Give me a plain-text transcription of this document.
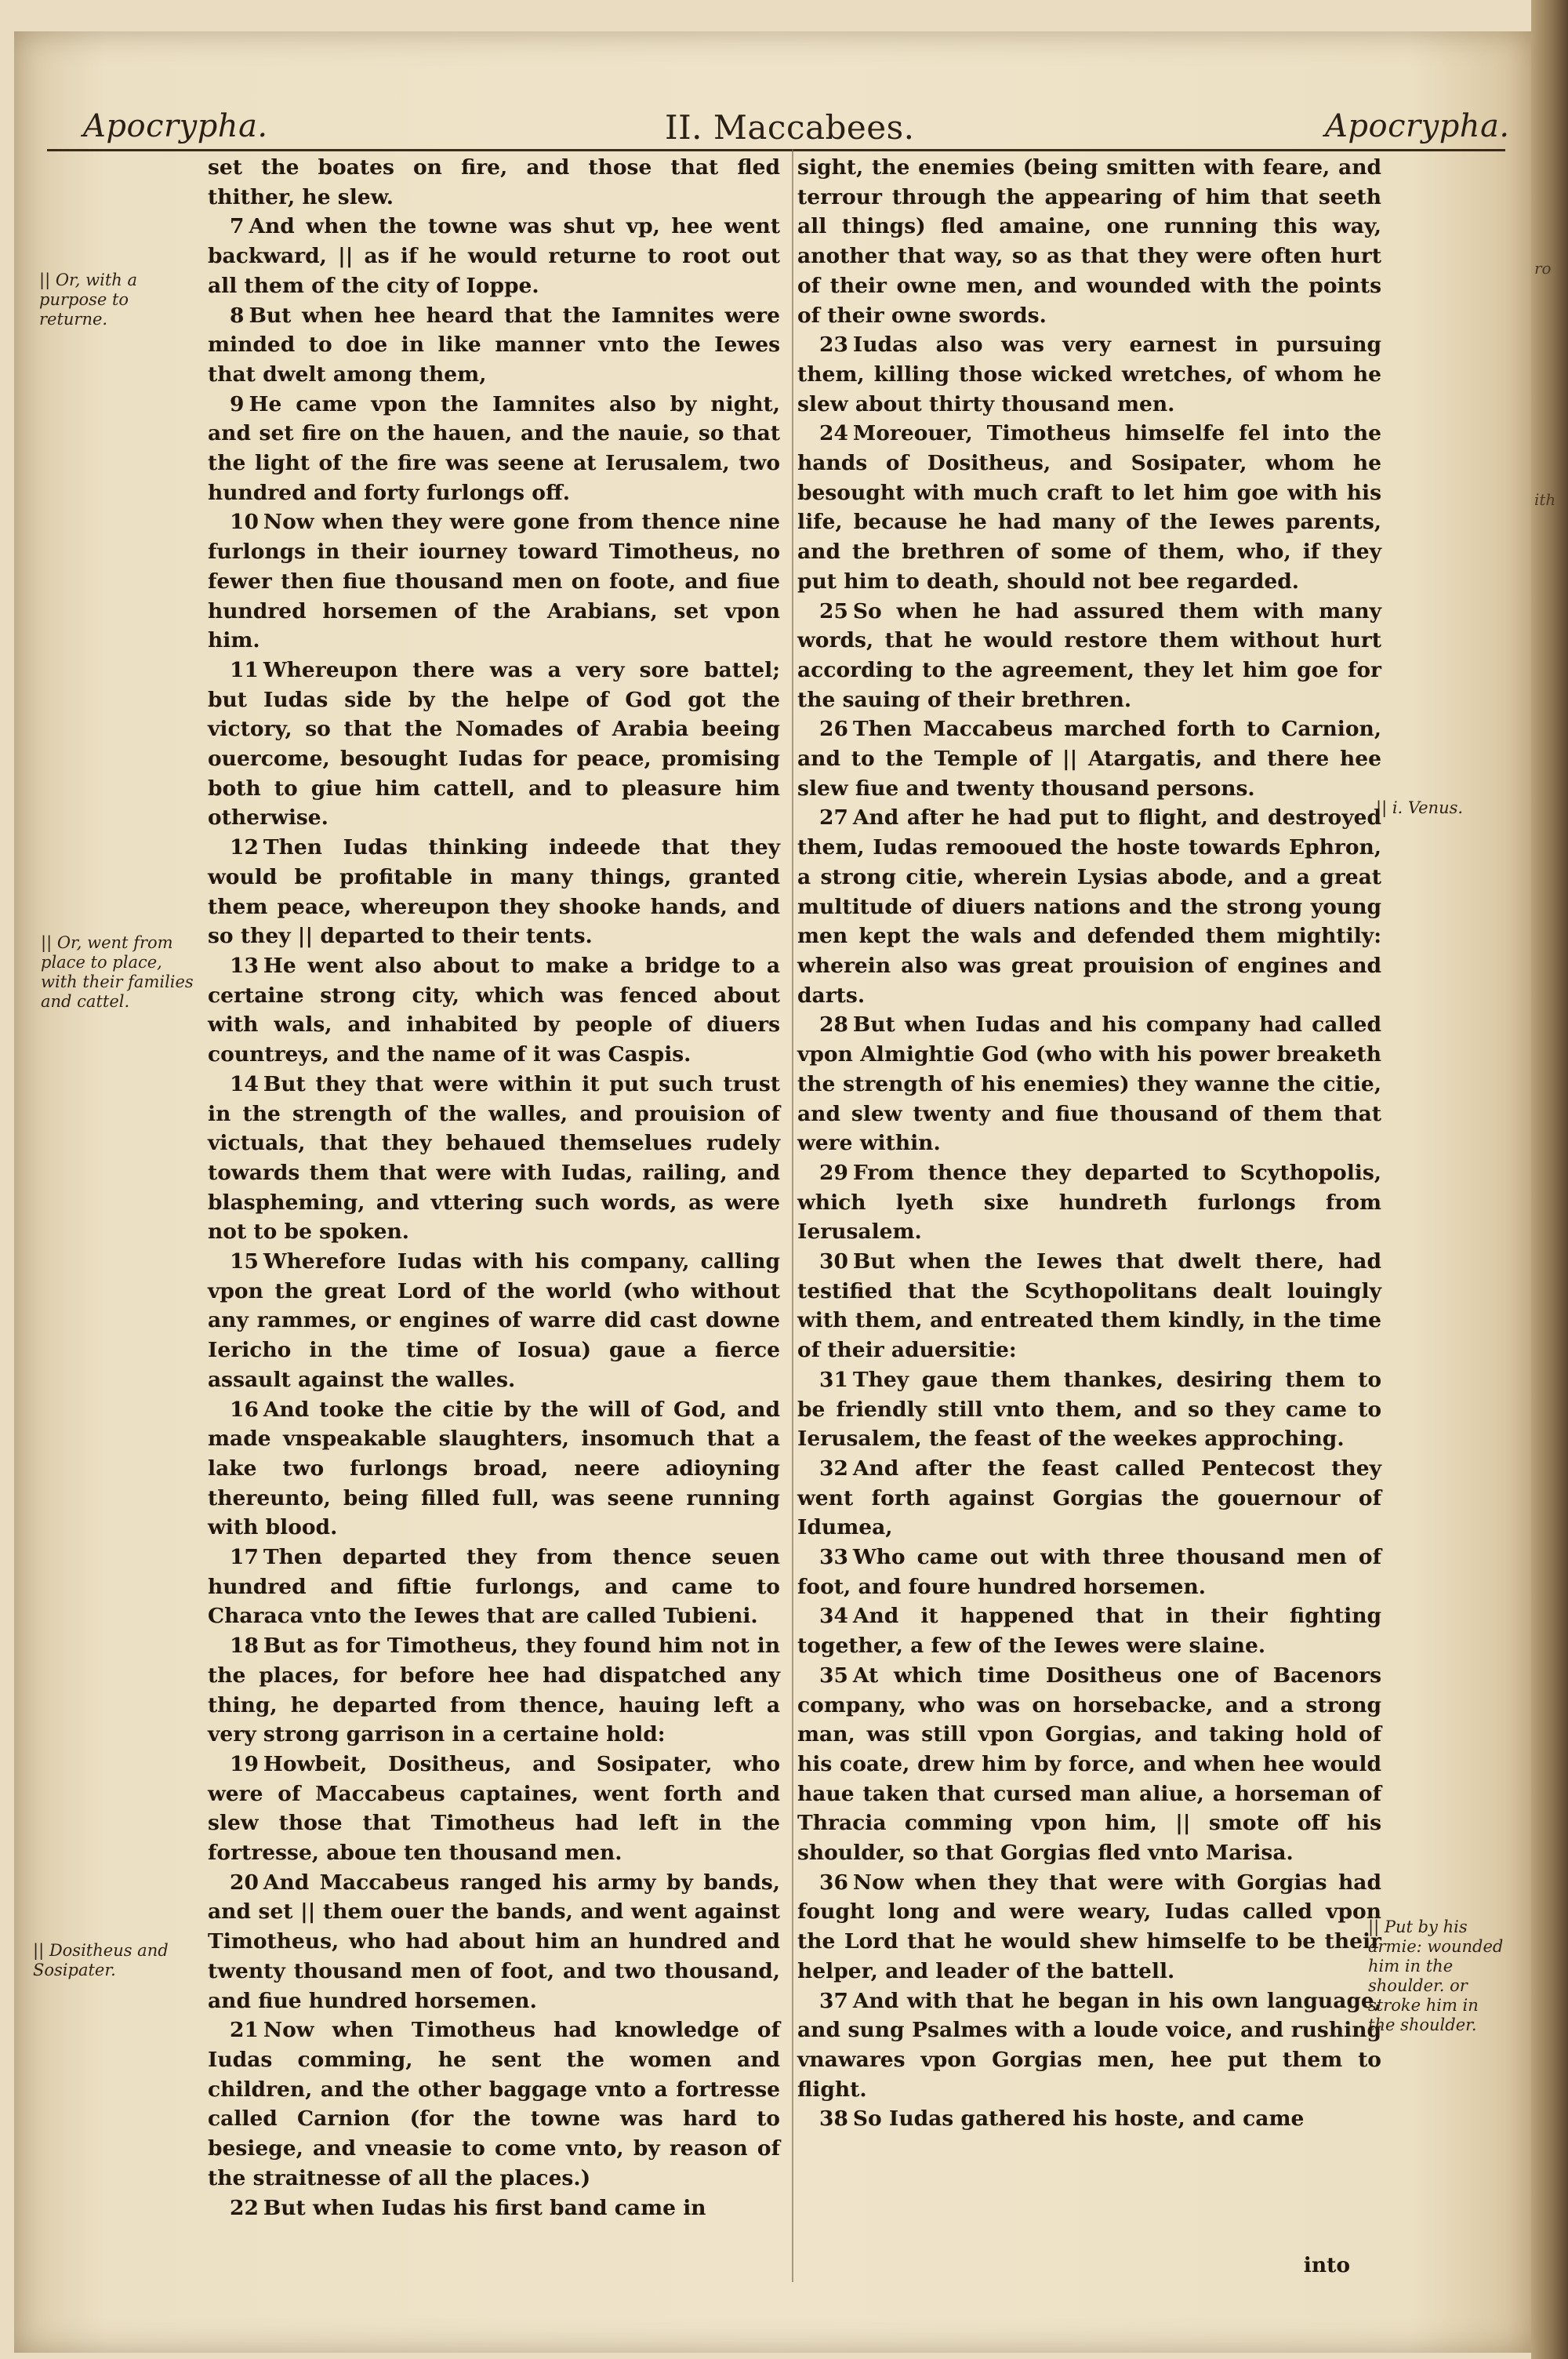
Apocrypha.	II. Maccabees.	Apocrypha.
ro
ith
|| Or, with a purpose to returne.
|| Or, went from place to place, with their families and cattel.
|| Dositheus and Sosipater.
|| i. Venus.
|| Put by his armie: wounded him in the shoulder. or stroke him in the shoulder.

set the boates on fire, and those that fled thither, he slew.

7 And when the towne was shut vp, hee went backward, || as if he would returne to root out all them of the city of Ioppe.

8 But when hee heard that the Iamnites were minded to doe in like manner vnto the Iewes that dwelt among them,

9 He came vpon the Iamnites also by night, and set fire on the hauen, and the nauie, so that the light of the fire was seene at Ierusalem, two hundred and forty furlongs off.

10 Now when they were gone from thence nine furlongs in their iourney toward Timotheus, no fewer then fiue thousand men on foote, and fiue hundred horsemen of the Arabians, set vpon him.

11 Whereupon there was a very sore battel; but Iudas side by the helpe of God got the victory, so that the Nomades of Arabia beeing ouercome, besought Iudas for peace, promising both to giue him cattell, and to pleasure him otherwise.

12 Then Iudas thinking indeede that they would be profitable in many things, granted them peace, whereupon they shooke hands, and so they || departed to their tents.

13 He went also about to make a bridge to a certaine strong city, which was fenced about with wals, and inhabited by people of diuers countreys, and the name of it was Caspis.

14 But they that were within it put such trust in the strength of the walles, and prouision of victuals, that they behaued themselues rudely towards them that were with Iudas, railing, and blaspheming, and vttering such words, as were not to be spoken.

15 Wherefore Iudas with his company, calling vpon the great Lord of the world (who without any rammes, or engines of warre did cast downe Iericho in the time of Iosua) gaue a fierce assault against the walles.

16 And tooke the citie by the will of God, and made vnspeakable slaughters, insomuch that a lake two furlongs broad, neere adioyning thereunto, being filled full, was seene running with blood.

17 Then departed they from thence seuen hundred and fiftie furlongs, and came to Characa vnto the Iewes that are called Tubieni.

18 But as for Timotheus, they found him not in the places, for before hee had dispatched any thing, he departed from thence, hauing left a very strong garrison in a certaine hold:

19 Howbeit, Dositheus, and Sosipater, who were of Maccabeus captaines, went forth and slew those that Timotheus had left in the fortresse, aboue ten thousand men.

20 And Maccabeus ranged his army by bands, and set || them ouer the bands, and went against Timotheus, who had about him an hundred and twenty thousand men of foot, and two thousand, and fiue hundred horsemen.

21 Now when Timotheus had knowledge of Iudas comming, he sent the women and children, and the other baggage vnto a fortresse called Carnion (for the towne was hard to besiege, and vneasie to come vnto, by reason of the straitnesse of all the places.)

22 But when Iudas his first band came in

sight, the enemies (being smitten with feare, and terrour through the appearing of him that seeth all things) fled amaine, one running this way, another that way, so as that they were often hurt of their owne men, and wounded with the points of their owne swords.

23 Iudas also was very earnest in pursuing them, killing those wicked wretches, of whom he slew about thirty thousand men.

24 Moreouer, Timotheus himselfe fel into the hands of Dositheus, and Sosipater, whom he besought with much craft to let him goe with his life, because he had many of the Iewes parents, and the brethren of some of them, who, if they put him to death, should not bee regarded.

25 So when he had assured them with many words, that he would restore them without hurt according to the agreement, they let him goe for the sauing of their brethren.

26 Then Maccabeus marched forth to Carnion, and to the Temple of || Atargatis, and there hee slew fiue and twenty thousand persons.

27 And after he had put to flight, and destroyed them, Iudas remooued the hoste towards Ephron, a strong citie, wherein Lysias abode, and a great multitude of diuers nations and the strong young men kept the wals and defended them mightily: wherein also was great prouision of engines and darts.

28 But when Iudas and his company had called vpon Almightie God (who with his power breaketh the strength of his enemies) they wanne the citie, and slew twenty and fiue thousand of them that were within.

29 From thence they departed to Scythopolis, which lyeth sixe hundreth furlongs from Ierusalem.

30 But when the Iewes that dwelt there, had testified that the Scythopolitans dealt louingly with them, and entreated them kindly, in the time of their aduersitie:

31 They gaue them thankes, desiring them to be friendly still vnto them, and so they came to Ierusalem, the feast of the weekes approching.

32 And after the feast called Pentecost they went forth against Gorgias the gouernour of Idumea,

33 Who came out with three thousand men of foot, and foure hundred horsemen.

34 And it happened that in their fighting together, a few of the Iewes were slaine.

35 At which time Dositheus one of Bacenors company, who was on horsebacke, and a strong man, was still vpon Gorgias, and taking hold of his coate, drew him by force, and when hee would haue taken that cursed man aliue, a horseman of Thracia comming vpon him, || smote off his shoulder, so that Gorgias fled vnto Marisa.

36 Now when they that were with Gorgias had fought long and were weary, Iudas called vpon the Lord that he would shew himselfe to be their helper, and leader of the battell.

37 And with that he began in his own language, and sung Psalmes with a loude voice, and rushing vnawares vpon Gorgias men, hee put them to flight.

38 So Iudas gathered his hoste, and came

into
